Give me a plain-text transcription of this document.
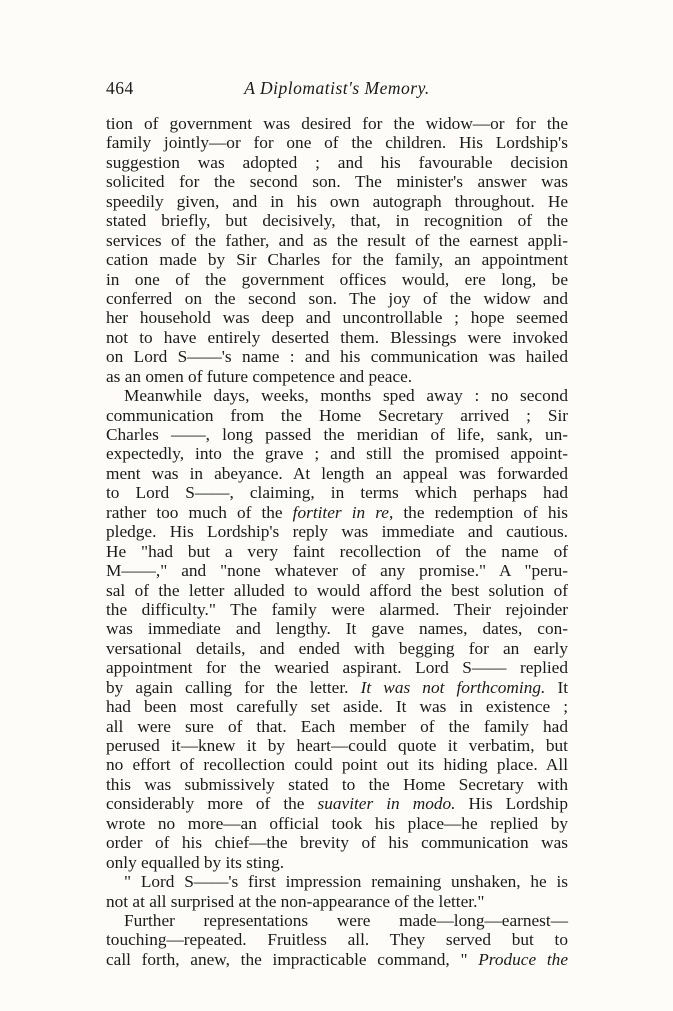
464	A Diplomatist's Memory.
tion of government was desired for the widow—or for the
family jointly—or for one of the children. His Lordship's
suggestion was adopted ; and his favourable decision
solicited for the second son. The minister's answer was
speedily given, and in his own autograph throughout. He
stated briefly, but decisively, that, in recognition of the
services of the father, and as the result of the earnest appli-
cation made by Sir Charles for the family, an appointment
in one of the government offices would, ere long, be
conferred on the second son. The joy of the widow and
her household was deep and uncontrollable ; hope seemed
not to have entirely deserted them. Blessings were invoked
on Lord S——'s name : and his communication was hailed
as an omen of future competence and peace.
Meanwhile days, weeks, months sped away : no second
communication from the Home Secretary arrived ; Sir
Charles ——, long passed the meridian of life, sank, un-
expectedly, into the grave ; and still the promised appoint-
ment was in abeyance. At length an appeal was forwarded
to Lord S——, claiming, in terms which perhaps had
rather too much of the fortiter in re, the redemption of his
pledge. His Lordship's reply was immediate and cautious.
He "had but a very faint recollection of the name of
M——," and "none whatever of any promise." A "peru-
sal of the letter alluded to would afford the best solution of
the difficulty." The family were alarmed. Their rejoinder
was immediate and lengthy. It gave names, dates, con-
versational details, and ended with begging for an early
appointment for the wearied aspirant. Lord S—— replied
by again calling for the letter. It was not forthcoming. It
had been most carefully set aside. It was in existence ;
all were sure of that. Each member of the family had
perused it—knew it by heart—could quote it verbatim, but
no effort of recollection could point out its hiding place. All
this was submissively stated to the Home Secretary with
considerably more of the suaviter in modo. His Lordship
wrote no more—an official took his place—he replied by
order of his chief—the brevity of his communication was
only equalled by its sting.
" Lord S——'s first impression remaining unshaken, he is
not at all surprised at the non-appearance of the letter."
Further representations were made—long—earnest—
touching—repeated. Fruitless all. They served but to
call forth, anew, the impracticable command, " Produce the
